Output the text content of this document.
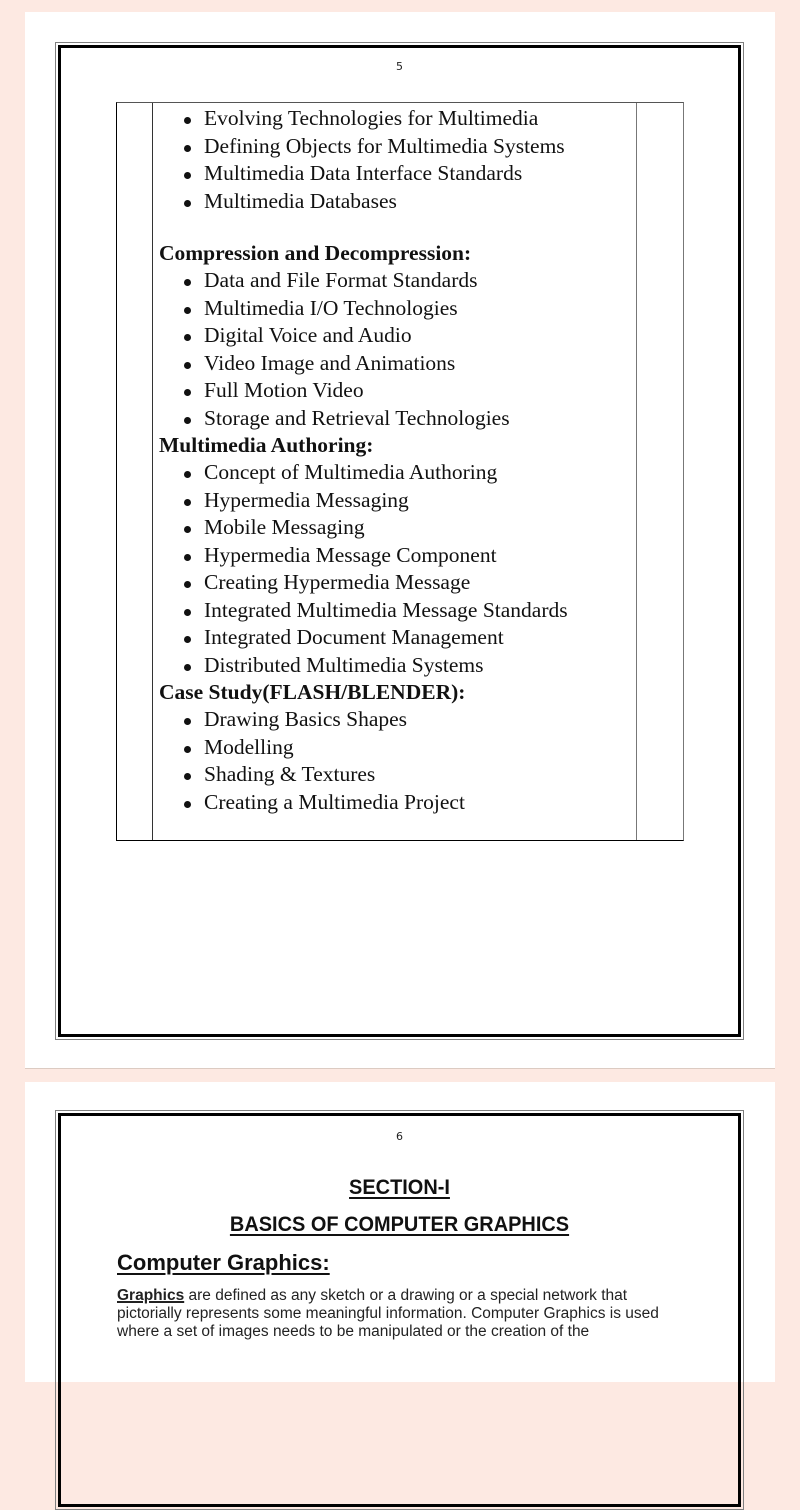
5
Evolving Technologies for Multimedia
Defining Objects for Multimedia Systems
Multimedia Data Interface Standards
Multimedia Databases
Compression and Decompression:
Data and File Format Standards
Multimedia I/O Technologies
Digital Voice and Audio
Video Image and Animations
Full Motion Video
Storage and Retrieval Technologies
Multimedia Authoring:
Concept of Multimedia Authoring
Hypermedia Messaging
Mobile Messaging
Hypermedia Message Component
Creating Hypermedia Message
Integrated Multimedia Message Standards
Integrated Document Management
Distributed Multimedia Systems
Case Study(FLASH/BLENDER):
Drawing Basics Shapes
Modelling
Shading & Textures
Creating a Multimedia Project
6
SECTION-I
BASICS OF COMPUTER GRAPHICS
Computer Graphics:

Graphics are defined as any sketch or a drawing or a special network that pictorially represents some meaningful information. Computer Graphics is used where a set of images needs to be manipulated or the creation of the
